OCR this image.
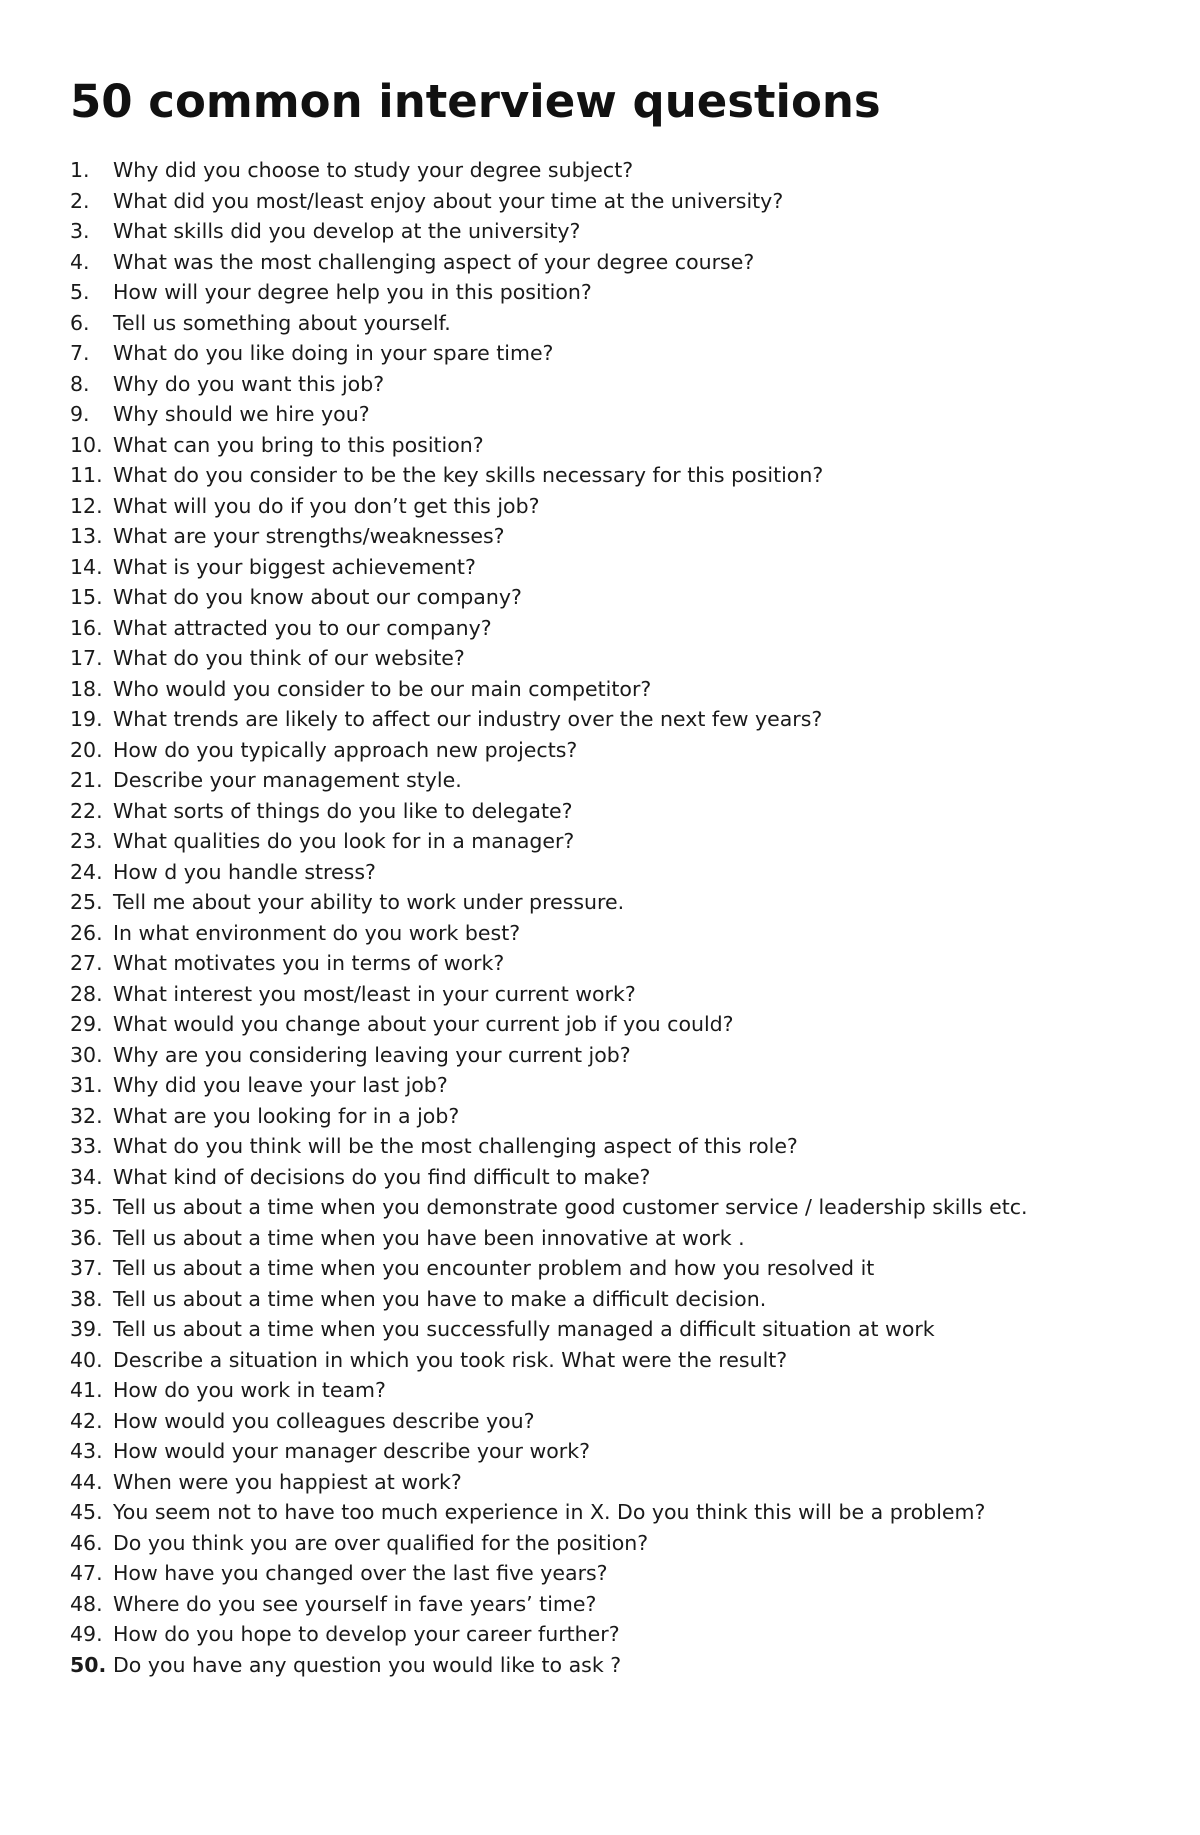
50 common interview questions
1.	Why did you choose to study your degree subject?
2.	What did you most/least enjoy about your time at the university?
3.	What skills did you develop at the university?
4.	What was the most challenging aspect of your degree course?
5.	How will your degree help you in this position?
6.	Tell us something about yourself.
7.	What do you like doing in your spare time?
8.	Why do you want this job?
9.	Why should we hire you?
10. What can you bring to this position?
11. What do you consider to be the key skills necessary for this position?
12. What will you do if you don’t get this job?
13. What are your strengths/weaknesses?
14. What is your biggest achievement?
15. What do you know about our company?
16. What attracted you to our company?
17. What do you think of our website?
18. Who would you consider to be our main competitor?
19. What trends are likely to affect our industry over the next few years?
20. How do you typically approach new projects?
21. Describe your management style.
22. What sorts of things do you like to delegate?
23. What qualities do you look for in a manager?
24. How d you handle stress?
25. Tell me about your ability to work under pressure.
26. In what environment do you work best?
27. What motivates you in terms of work?
28. What interest you most/least in your current work?
29. What would you change about your current job if you could?
30. Why are you considering leaving your current job?
31. Why did you leave your last job?
32. What are you looking for in a job?
33. What do you think will be the most challenging aspect of this role?
34. What kind of decisions do you find difficult to make?
35. Tell us about a time when you demonstrate good customer service / leadership skills etc.
36. Tell us about a time when you have been innovative at work .
37. Tell us about a time when you encounter problem and how you resolved it
38. Tell us about a time when you have to make a difficult decision.
39. Tell us about a time when you successfully managed a difficult situation at work
40. Describe a situation in which you took risk. What were the result?
41. How do you work in team?
42. How would you colleagues describe you?
43. How would your manager describe your work?
44. When were you happiest at work?
45. You seem not to have too much experience in X. Do you think this will be a problem?
46. Do you think you are over qualified for the position?
47. How have you changed over the last five years?
48. Where do you see yourself in fave years’ time?
49. How do you hope to develop your career further?
50. Do you have any question you would like to ask ?
